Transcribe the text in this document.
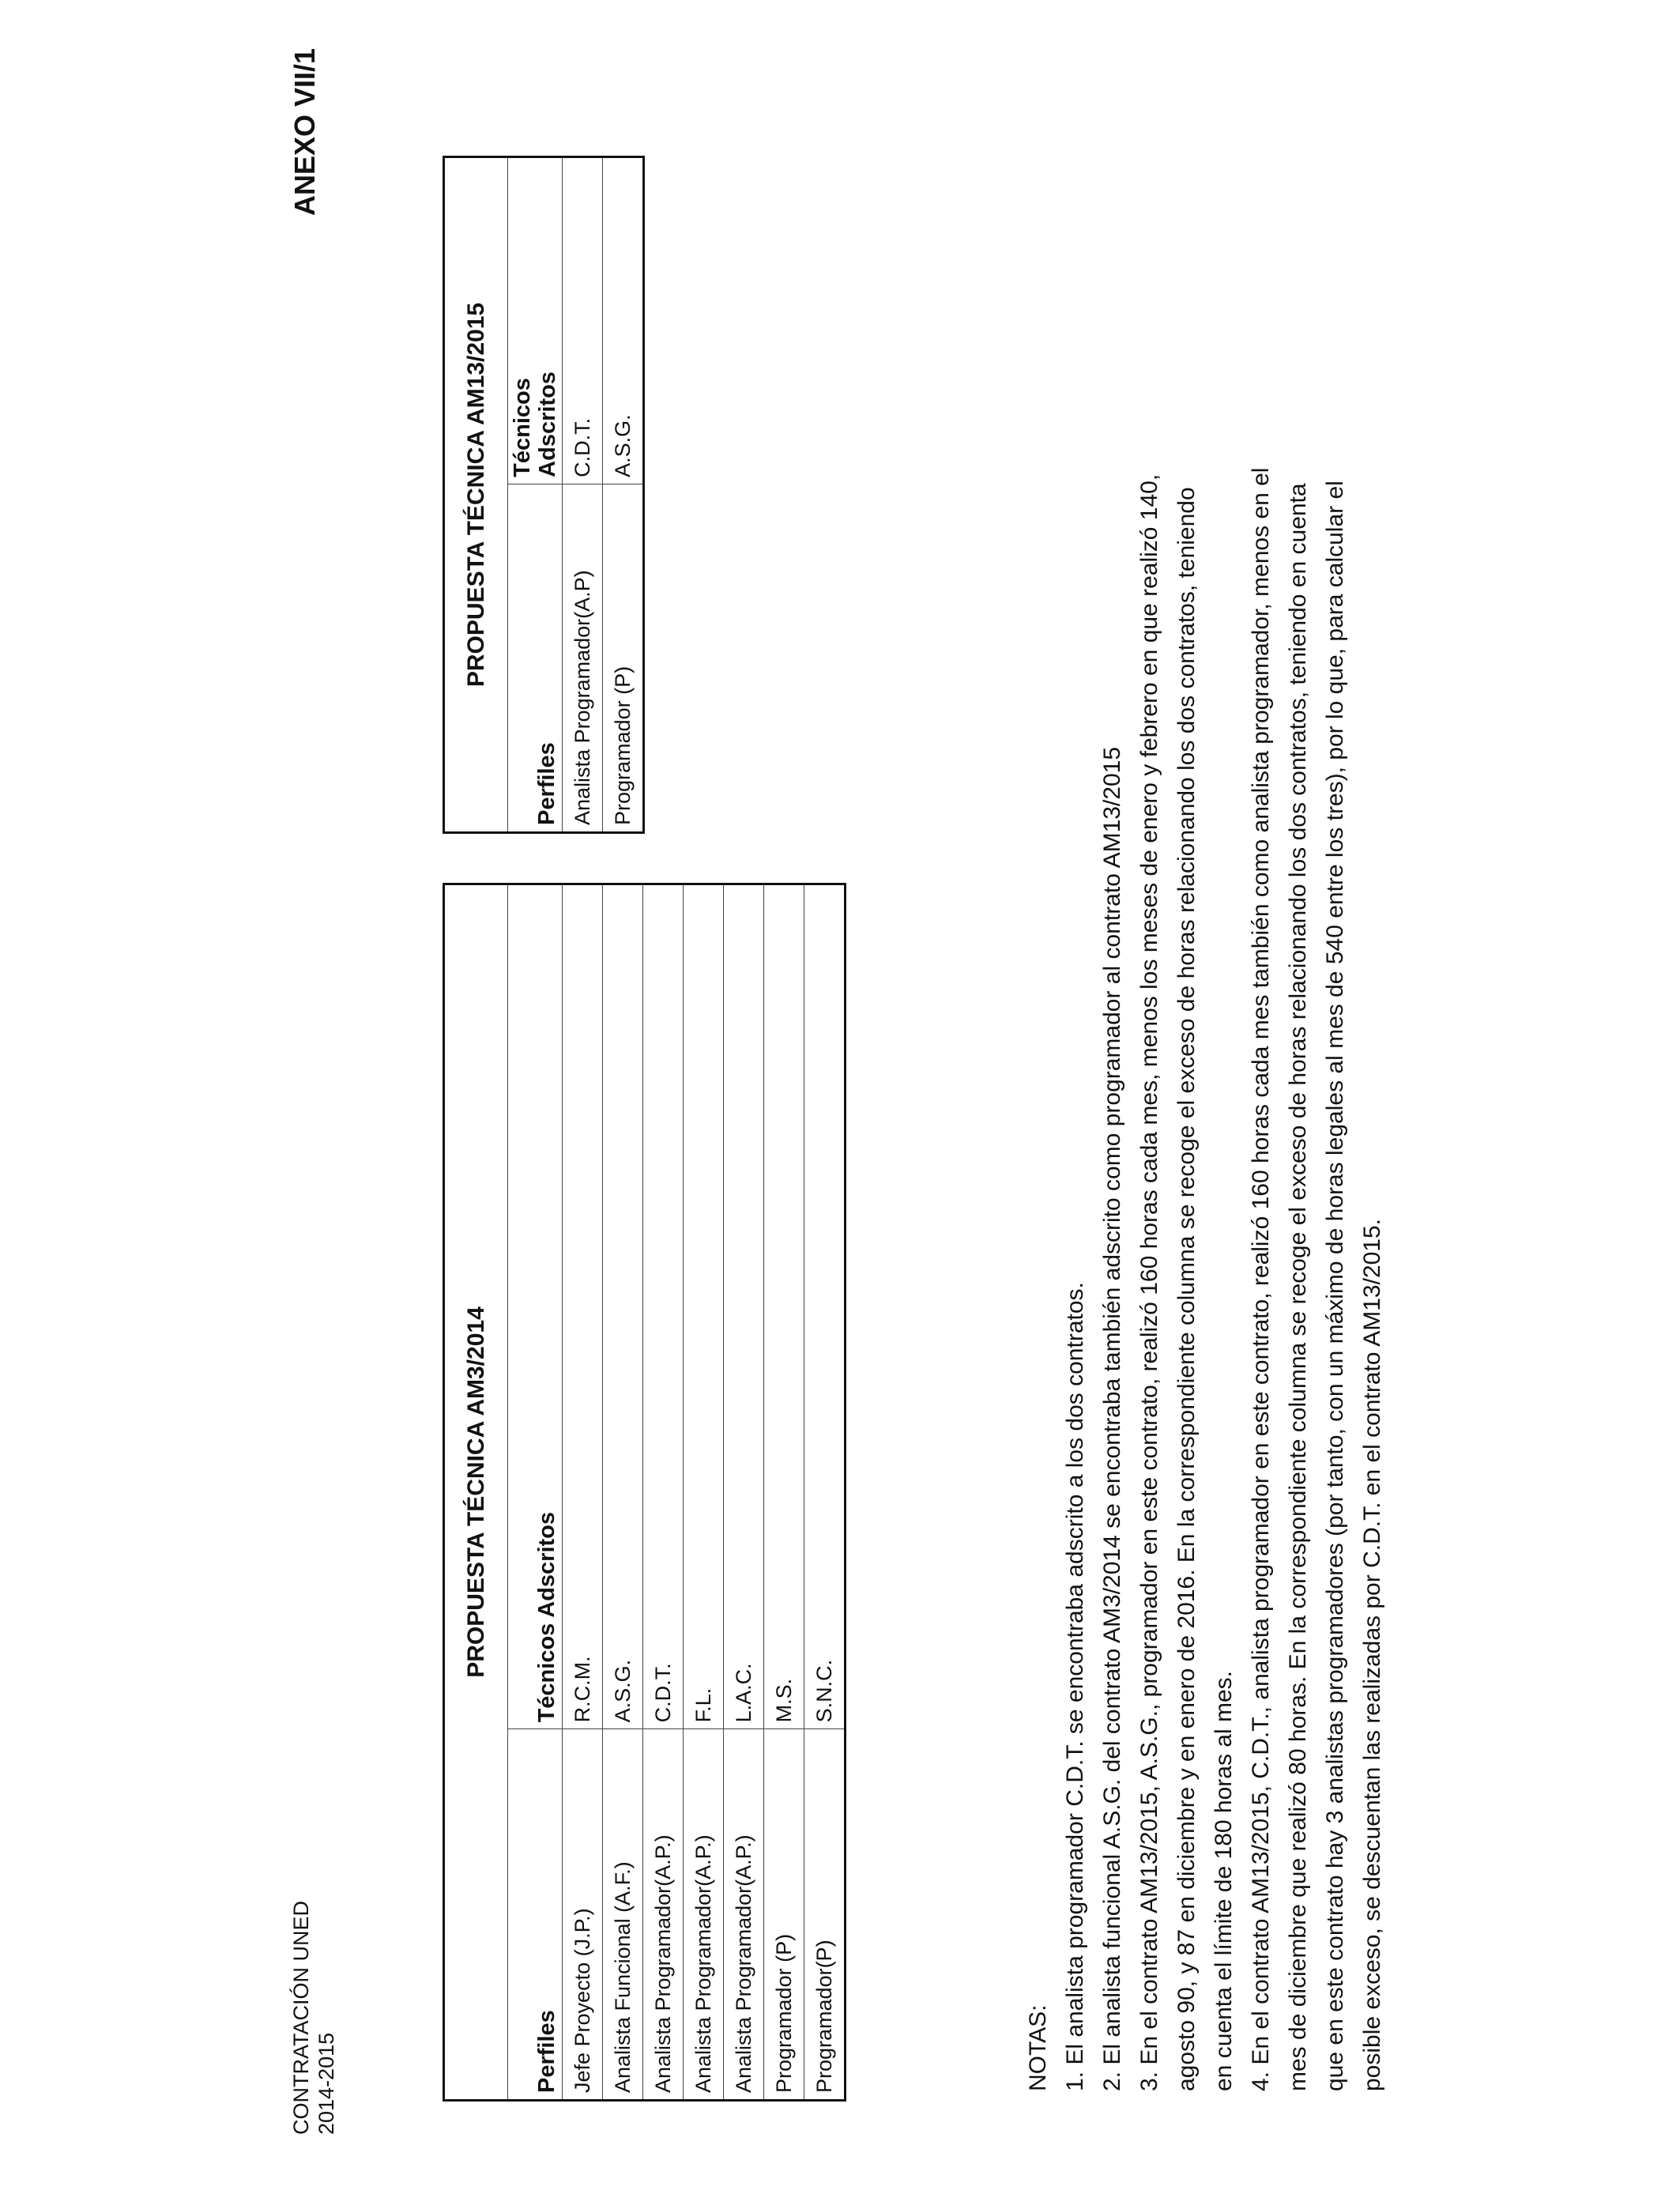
CONTRATACIÓN UNED 2014-2015
ANEXO VII/1
PROPUESTA TÉCNICA AM3/2014	
Perfiles	Técnicos Adscritos
Jefe Proyecto (J.P.)	R.C.M.
Analista Funcional (A.F.)	A.S.G.
Analista Programador(A.P.)	C.D.T.
Analista Programador(A.P.)	F.L.
Analista Programador(A.P.)	L.A.C.
Programador (P)	M.S.
Programador(P)	S.N.C.
PROPUESTA TÉCNICA AM13/2015	
Perfiles	Técnicos Adscritos

Analista Programador(A.P)	C.D.T.
Programador (P)	A.S.G.

NOTAS: 1. El analista programador C.D.T. se encontraba adscrito a los dos contratos. 2. El analista funcional A.S.G. del contrato AM3/2014 se encontraba también adscrito como programador al contrato AM13/2015 3. En el contrato AM13/2015, A.S.G., programador en este contrato, realizó 160 horas cada mes, menos los meses de enero y febrero en que realizó 140, agosto 90, y 87 en diciembre y en enero de 2016. En la correspondiente columna se recoge el exceso de horas relacionando los dos contratos, teniendo en cuenta el límite de 180 horas al mes. 4. En el contrato AM13/2015, C.D.T., analista programador en este contrato, realizó 160 horas cada mes también como analista programador, menos en el mes de diciembre que realizó 80 horas. En la correspondiente columna se recoge el exceso de horas relacionando los dos contratos, teniendo en cuenta que en este contrato hay 3 analistas programadores (por tanto, con un máximo de horas legales al mes de 540 entre los tres), por lo que, para calcular el posible exceso, se descuentan las realizadas por C.D.T. en el contrato AM13/2015.
